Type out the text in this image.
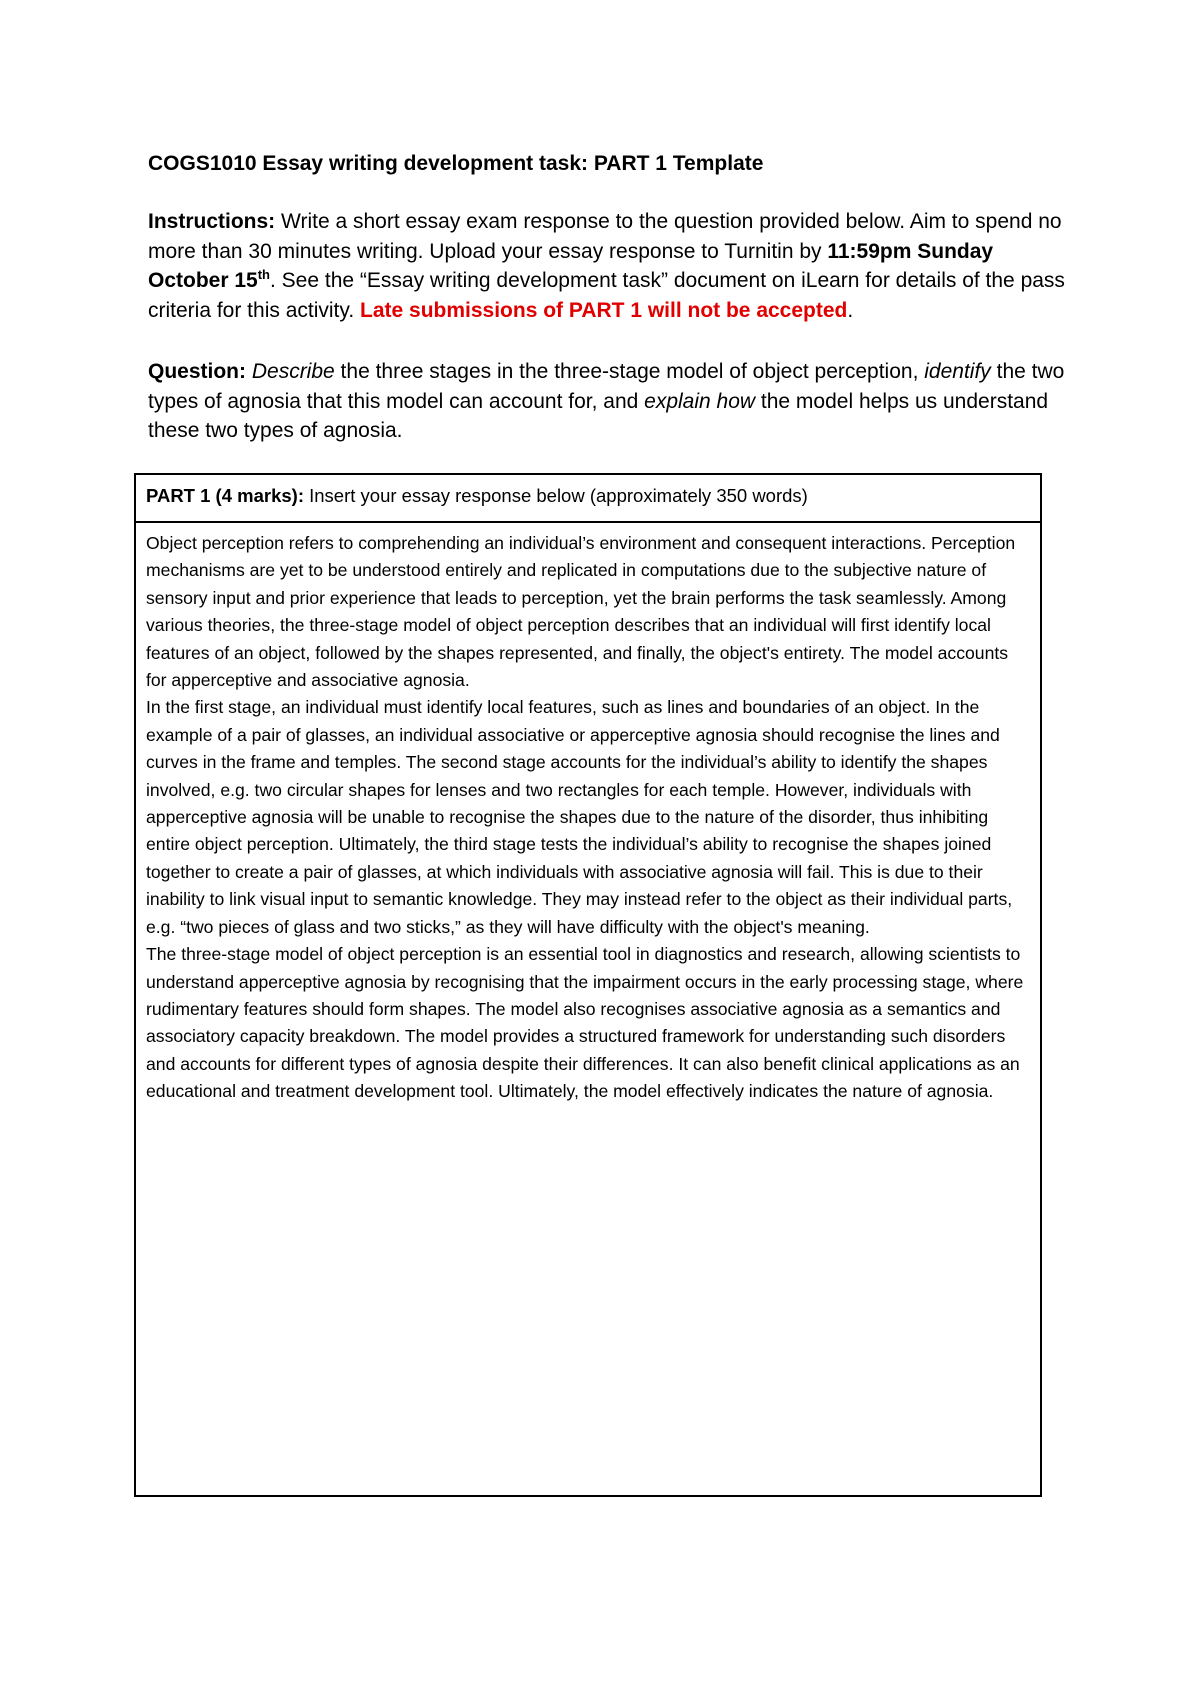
COGS1010 Essay writing development task: PART 1 Template

Instructions: Write a short essay exam response to the question provided below. Aim to spend no more than 30 minutes writing. Upload your essay response to Turnitin by 11:59pm Sunday October 15th. See the “Essay writing development task” document on iLearn for details of the pass criteria for this activity. Late submissions of PART 1 will not be accepted.

Question: Describe the three stages in the three-stage model of object perception, identify the two types of agnosia that this model can account for, and explain how the model helps us understand these two types of agnosia.

PART 1 (4 marks): Insert your essay response below (approximately 350 words)

Object perception refers to comprehending an individual’s environment and consequent interactions. Perception mechanisms are yet to be understood entirely and replicated in computations due to the subjective nature of sensory input and prior experience that leads to perception, yet the brain performs the task seamlessly. Among various theories, the three-stage model of object perception describes that an individual will first identify local features of an object, followed by the shapes represented, and finally, the object's entirety. The model accounts for apperceptive and associative agnosia.

In the first stage, an individual must identify local features, such as lines and boundaries of an object. In the example of a pair of glasses, an individual associative or apperceptive agnosia should recognise the lines and curves in the frame and temples. The second stage accounts for the individual’s ability to identify the shapes involved, e.g. two circular shapes for lenses and two rectangles for each temple. However, individuals with apperceptive agnosia will be unable to recognise the shapes due to the nature of the disorder, thus inhibiting entire object perception. Ultimately, the third stage tests the individual’s ability to recognise the shapes joined together to create a pair of glasses, at which individuals with associative agnosia will fail. This is due to their inability to link visual input to semantic knowledge. They may instead refer to the object as their individual parts, e.g. “two pieces of glass and two sticks,” as they will have difficulty with the object's meaning.

The three-stage model of object perception is an essential tool in diagnostics and research, allowing scientists to understand apperceptive agnosia by recognising that the impairment occurs in the early processing stage, where rudimentary features should form shapes. The model also recognises associative agnosia as a semantics and associatory capacity breakdown. The model provides a structured framework for understanding such disorders and accounts for different types of agnosia despite their differences. It can also benefit clinical applications as an educational and treatment development tool. Ultimately, the model effectively indicates the nature of agnosia.
